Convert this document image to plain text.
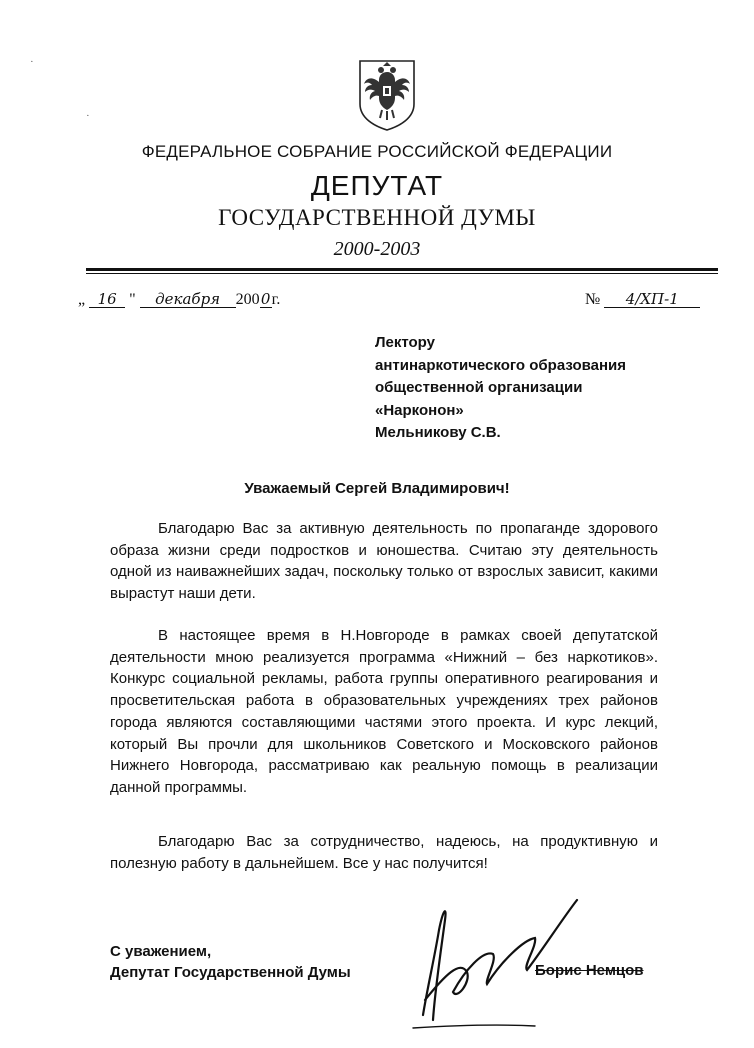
·
·
ФЕДЕРАЛЬНОЕ СОБРАНИЕ РОССИЙСКОЙ ФЕДЕРАЦИИ
ДЕПУТАТ
ГОСУДАРСТВЕННОЙ ДУМЫ
2000-2003
„ 16 " декабря 2000г.	№ 4/ХП-1
Лектору
антинаркотического образования
общественной организации
«Нарконон»
Мельникову С.В.
Уважаемый Сергей Владимирович!

Благодарю Вас за активную деятельность по пропаганде здорового образа жизни среди подростков и юношества. Считаю эту деятельность одной из наиважнейших задач, поскольку только от взрослых зависит, какими вырастут наши дети.

В настоящее время в Н.Новгороде в рамках своей депутатской деятельности мною реализуется программа «Нижний – без наркотиков». Конкурс социальной рекламы, работа группы оперативного реагирования и просветительская работа в образовательных учреждениях трех районов города являются составляющими частями этого проекта. И курс лекций, который Вы прочли для школьников Советского и Московского районов Нижнего Новгорода, рассматриваю как реальную помощь в реализации данной программы.

Благодарю Вас за сотрудничество, надеюсь, на продуктивную и полезную работу в дальнейшем. Все у нас получится!

С уважением,
Депутат Государственной Думы	Борис Немцов
